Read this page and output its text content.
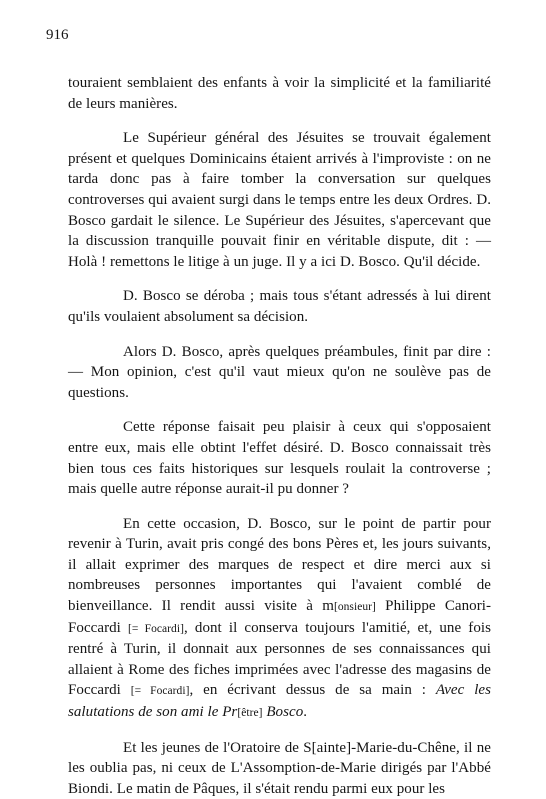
916

touraient semblaient des enfants à voir la simplicité et la familiarité de leurs manières.

Le Supérieur général des Jésuites se trouvait également présent et quelques Dominicains étaient arrivés à l'improviste : on ne tarda donc pas à faire tomber la conversation sur quelques controverses qui avaient surgi dans le temps entre les deux Ordres. D. Bosco gardait le silence. Le Supérieur des Jésuites, s'apercevant que la discussion tranquille pouvait finir en véritable dispute, dit : — Holà ! remettons le litige à un juge. Il y a ici D. Bosco. Qu'il décide.

D. Bosco se déroba ; mais tous s'étant adressés à lui dirent qu'ils voulaient absolument sa décision.

Alors D. Bosco, après quelques préambules, finit par dire : — Mon opinion, c'est qu'il vaut mieux qu'on ne soulève pas de questions.

Cette réponse faisait peu plaisir à ceux qui s'opposaient entre eux, mais elle obtint l'effet désiré. D. Bosco connaissait très bien tous ces faits historiques sur lesquels roulait la controverse ; mais quelle autre réponse aurait-il pu donner ?

En cette occasion, D. Bosco, sur le point de partir pour revenir à Turin, avait pris congé des bons Pères et, les jours suivants, il allait exprimer des marques de respect et dire merci aux si nombreuses personnes importantes qui l'avaient comblé de bienveillance. Il rendit aussi visite à m[onsieur] Philippe Canori-Foccardi [= Focardi], dont il conserva toujours l'amitié, et, une fois rentré à Turin, il donnait aux personnes de ses connaissances qui allaient à Rome des fiches imprimées avec l'adresse des magasins de Foccardi [= Focardi], en écrivant dessus de sa main : Avec les salutations de son ami le Pr[être] Bosco.

Et les jeunes de l'Oratoire de S[ainte]-Marie-du-Chêne, il ne les oublia pas, ni ceux de L'Assomption-de-Marie dirigés par l'Abbé Biondi. Le matin de Pâques, il s'était rendu parmi eux pour les
